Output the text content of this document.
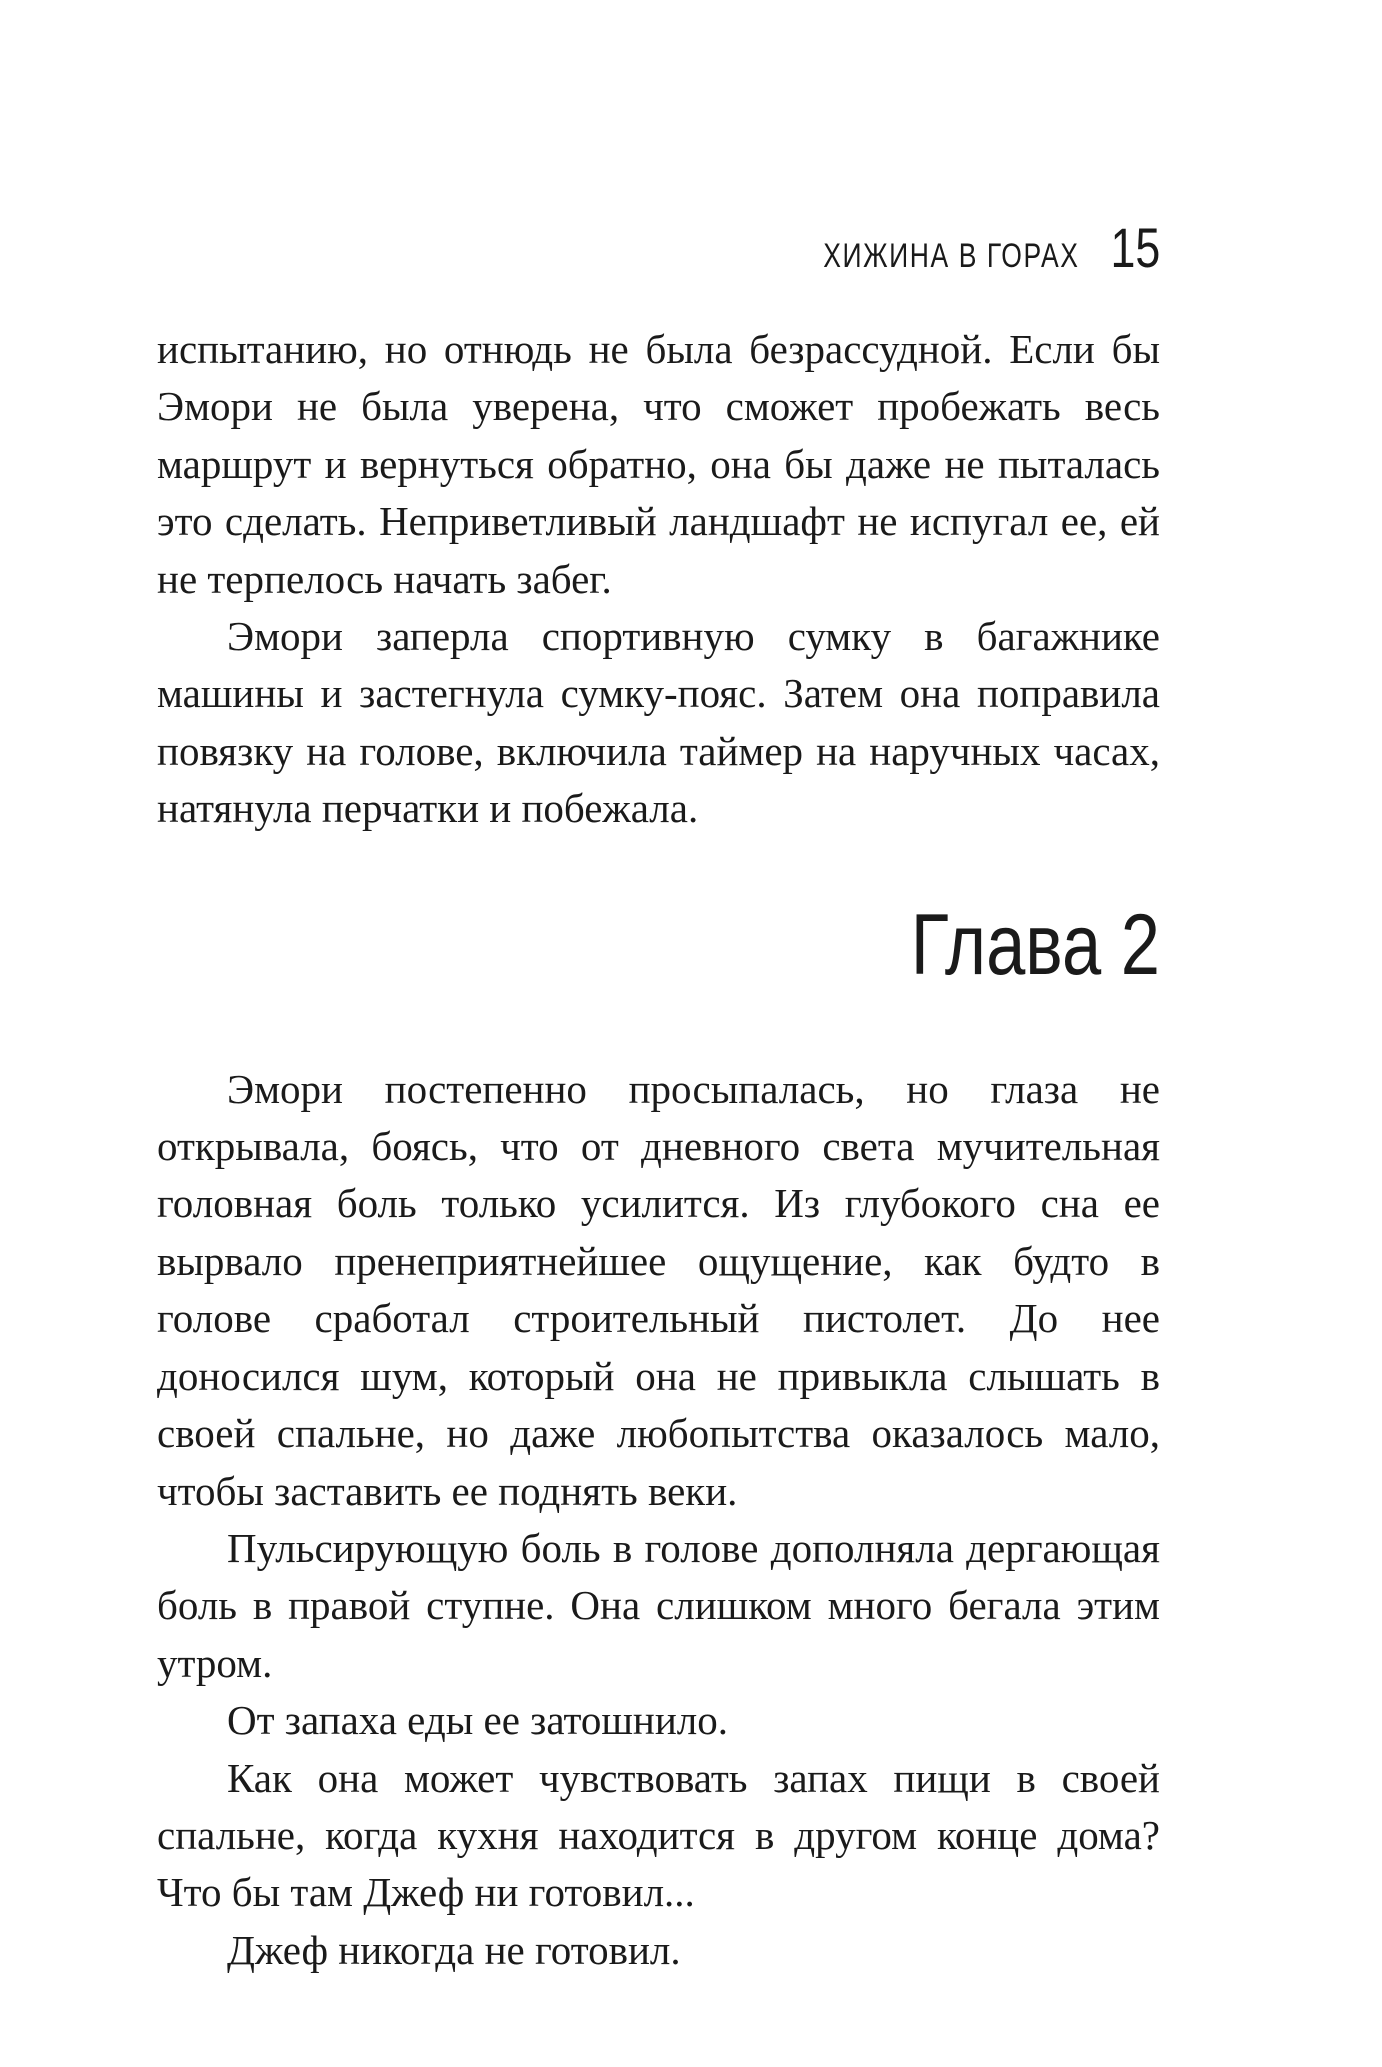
ХИЖИНА В ГОРАХ 15

испытанию, но отнюдь не была безрассудной. Если бы Эмори не была уверена, что сможет пробежать весь маршрут и вернуться обратно, она бы даже не пыталась это сделать. Неприветливый ландшафт не испугал ее, ей не терпелось начать забег.

Эмори заперла спортивную сумку в багажнике машины и застегнула сумку-пояс. Затем она поправила повязку на голове, включила таймер на наручных часах, натянула перчатки и побежала.

Глава 2

Эмори постепенно просыпалась, но глаза не открывала, боясь, что от дневного света мучительная головная боль только усилится. Из глубокого сна ее вырвало пренеприятнейшее ощущение, как будто в голове сработал строительный пистолет. До нее доносился шум, который она не привыкла слышать в своей спальне, но даже любопытства оказалось мало, чтобы заставить ее поднять веки.

Пульсирующую боль в голове дополняла дергающая боль в правой ступне. Она слишком много бегала этим утром.

От запаха еды ее затошнило.

Как она может чувствовать запах пищи в своей спальне, когда кухня находится в другом конце дома? Что бы там Джеф ни готовил...

Джеф никогда не готовил.
